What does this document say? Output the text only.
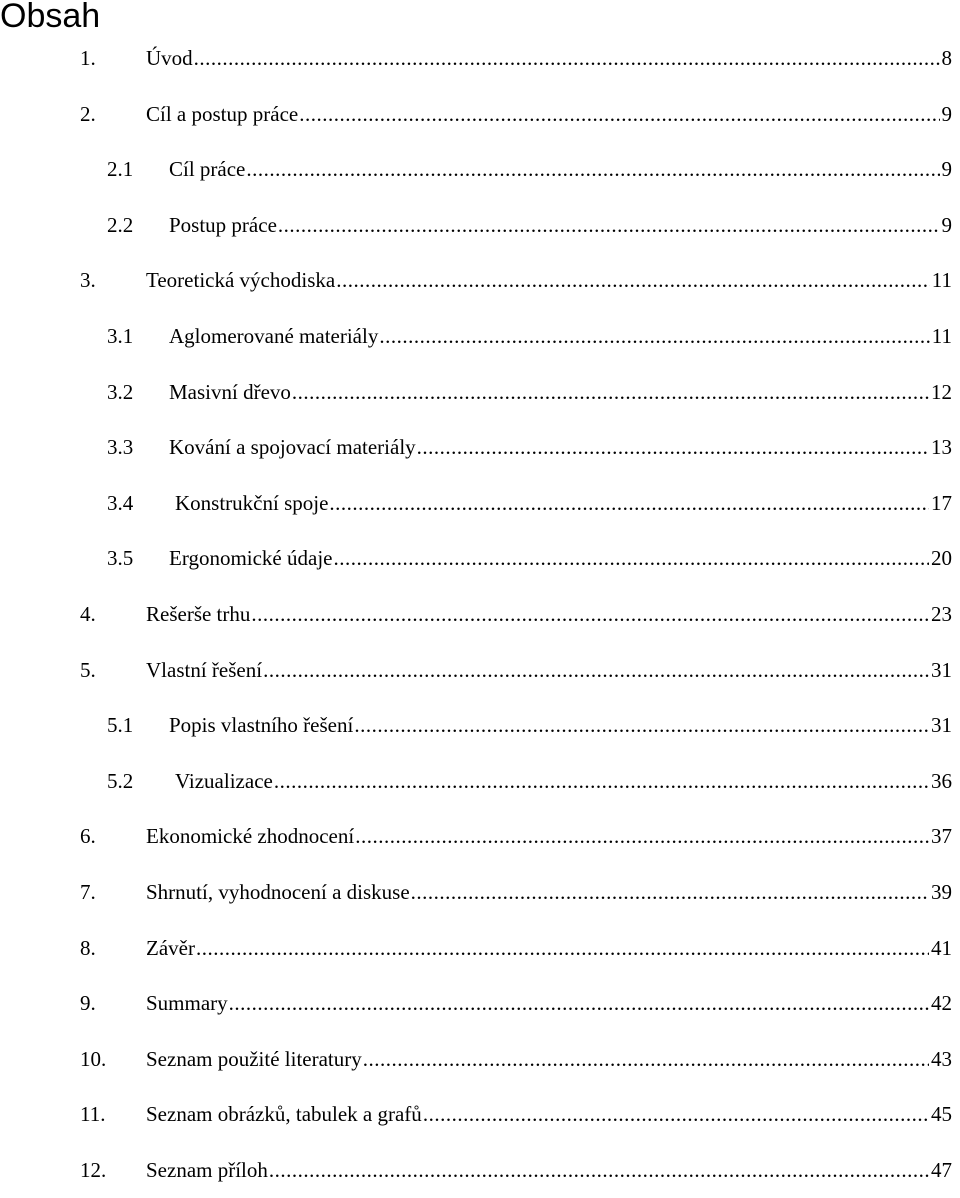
Obsah
1. Úvod .....	8
2. Cíl a postup práce .....	9
2.1 Cíl práce .....	9
2.2 Postup práce .....	9
3. Teoretická východiska .....	11
3.1 Aglomerované materiály .....	11
3.2 Masivní dřevo .....	12
3.3 Kování a spojovací materiály .....	13
3.4 Konstrukční spoje .....	17
3.5 Ergonomické údaje .....	20
4. Rešerše trhu .....	23
5. Vlastní řešení .....	31
5.1 Popis vlastního řešení .....	31
5.2 Vizualizace .....	36
6. Ekonomické zhodnocení .....	37
7. Shrnutí, vyhodnocení a diskuse .....	39
8. Závěr .....	41
9. Summary .....	42
10. Seznam použité literatury .....	43
11. Seznam obrázků, tabulek a grafů .....	45
12. Seznam příloh .....	47
